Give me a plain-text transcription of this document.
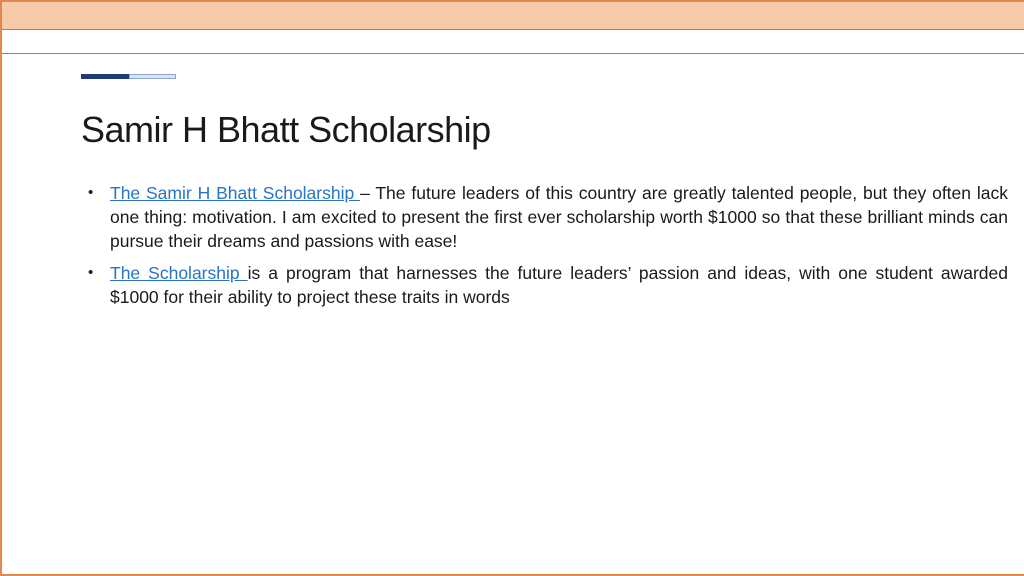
Samir H Bhatt Scholarship
• The Samir H Bhatt Scholarship – The future leaders of this country are greatly talented people, but they often lack one thing: motivation. I am excited to present the first ever scholarship worth $1000 so that these brilliant minds can pursue their dreams and passions with ease!
• The Scholarship is a program that harnesses the future leaders’ passion and ideas, with one student awarded $1000 for their ability to project these traits in words
